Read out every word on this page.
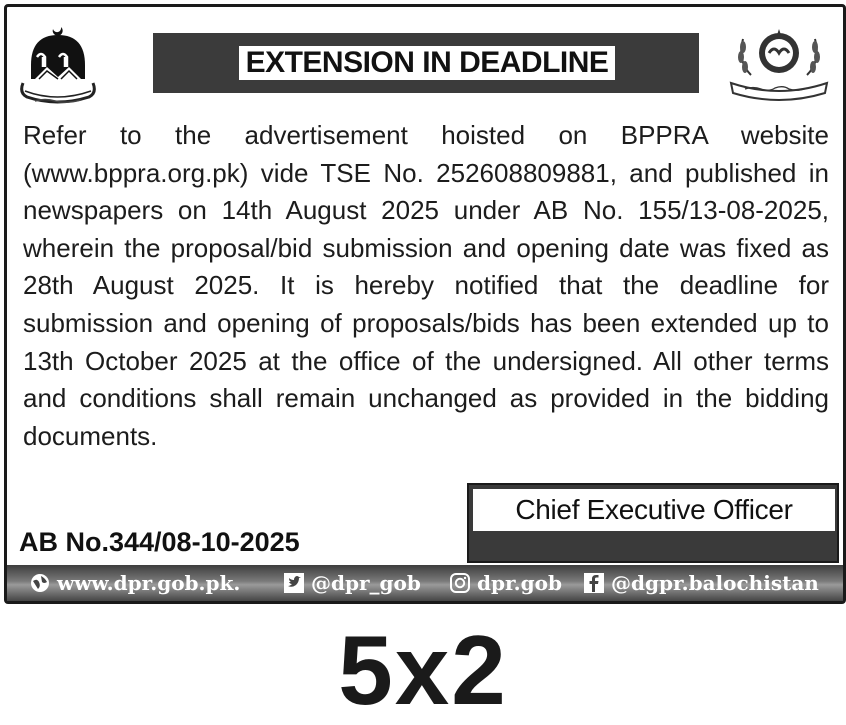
EXTENSION IN DEADLINE
Refer to the advertisement hoisted on BPPRA website (www.bppra.org.pk) vide TSE No. 252608809881, and published in newspapers on 14th August 2025 under AB No. 155/13-08-2025, wherein the proposal/bid submission and opening date was fixed as 28th August 2025. It is hereby notified that the deadline for submission and opening of proposals/bids has been extended up to 13th October 2025 at the office of the undersigned. All other terms and conditions shall remain unchanged as provided in the bidding documents.
AB No.344/08-10-2025
Chief Executive Officer
www.dpr.gob.pk.	@dpr_gob	dpr.gob @dgpr.balochistan
5x2
